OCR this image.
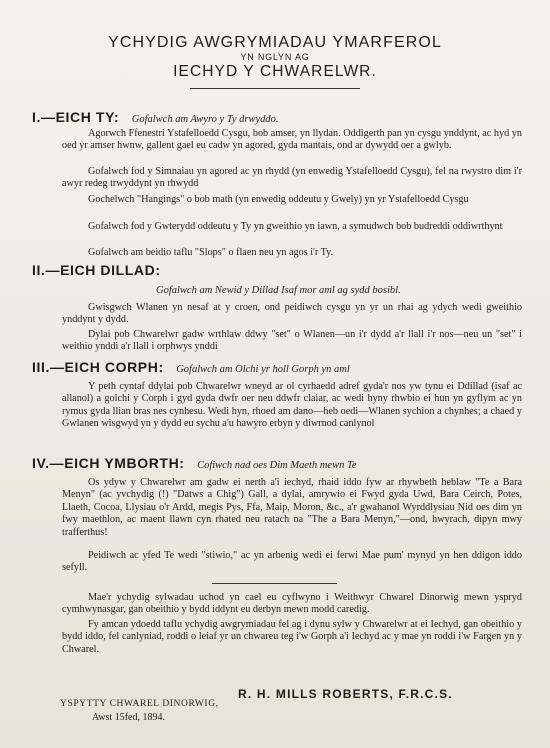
YCHYDIG AWGRYMIADAU YMARFEROL
YN NGLYN AG
IECHYD Y CHWARELWR.
I.—EICH TY: Gofalwch am Awyro y Ty drwyddo.

Agorwch Ffenestri Ystafelloedd Cysgu, bob amser, yn llydan. Oddigerth pan yn cysgu ynddynt, ac hyd yn oed yr amser hwnw, gallent gael eu cadw yn agored, gyda mantais, ond ar dywydd oer a gwlyb.

Gofalwch fod y Simnaiau yn agored ac yn rhydd (yn enwedig Ystafelloedd Cysgu), fel na rwystro dim i'r awyr redeg trwyddynt yn rhwydd

Gochelwch "Hangings" o bob math (yn enwedig oddeutu y Gwely) yn yr Ystafelloedd Cysgu

Gofalwch fod y Gwterydd oddeutu y Ty yn gweithio yn iawn, a symudwch bob budreddi oddiwrthynt

Gofalwch am beidio taflu "Slops" o flaen neu yn agos i'r Ty.

II.—EICH DILLAD:
Gofalwch am Newid y Dillad Isaf mor aml ag sydd bosibl.

Gwisgwch Wlanen yn nesaf at y croen, ond peidiwch cysgu yn yr un rhai ag ydych wedi gweithio ynddynt y dydd.

Dylai pob Chwarelwr gadw wrthlaw ddwy "set" o Wlanen—un i'r dydd a'r llall i'r nos—neu un "set" i weithio ynddi a'r llall i orphwys ynddi

III.—EICH CORPH: Gofalwch am Olchi yr holl Gorph yn aml

Y peth cyntaf ddylai pob Chwarelwr wneyd ar ol cyrhaedd adref gyda'r nos yw tynu ei Ddillad (isaf ac allanol) a golchi y Corph i gyd gyda dwfr oer neu ddwfr claiar, ac wedi hyny rhwbio ei hun yn gyflym ac yn rymus gyda llian bras nes cynhesu. Wedi hyn, rhoed am dano—heb oedi—Wlanen sychion a chynhes; a chaed y Gwlanen wisgwyd yn y dydd eu sychu a'u hawyro erbyn y diwrnod canlynol

IV.—EICH YMBORTH: Cofiwch nad oes Dim Maeth mewn Te

Os ydyw y Chwarelwr am gadw ei nerth a'i iechyd, rhaid iddo fyw ar rhywbeth heblaw "Te a Bara Menyn" (ac yvchydig (!) "Datws a Chig") Gall, a dylai, amrywio ei Fwyd gyda Uwd, Bara Ceirch, Potes, Llaeth, Cocoa, Llysiau o'r Ardd, megis Pys, Ffa, Maip, Moron, &c., a'r gwahanol Wyrddlysiau Nid oes dim yn fwy maethlon, ac maent llawn cyn rhated neu ratach na "The a Bara Menyn,"—ond, hwyrach, dipyn mwy trafferthus!

Peidiwch ac yfed Te wedi "stiwio," ac yn arbenig wedi ei ferwi Mae pum' mynyd yn hen ddigon iddo sefyll.

Mae'r ychydig sylwadau uchod yn cael eu cyflwyno i Weithwyr Chwarel Dinorwig mewn yspryd cymhwynasgar, gan obeithio y bydd iddynt eu derbyn mewn modd caredig.

Fy amcan ydoedd taflu ychydig awgrymiadau fel ag i dynu sylw y Chwarelwr at ei Iechyd, gan obeithio y bydd iddo, fel canlyniad, roddi o leiaf yr un chwareu teg i'w Gorph a'i Iechyd ac y mae yn roddi i'w Fargen yn y Chwarel.

R. H. MILLS ROBERTS, F.R.C.S.
YSPYTTY CHWAREL DINORWIG,
Awst 15fed, 1894.
